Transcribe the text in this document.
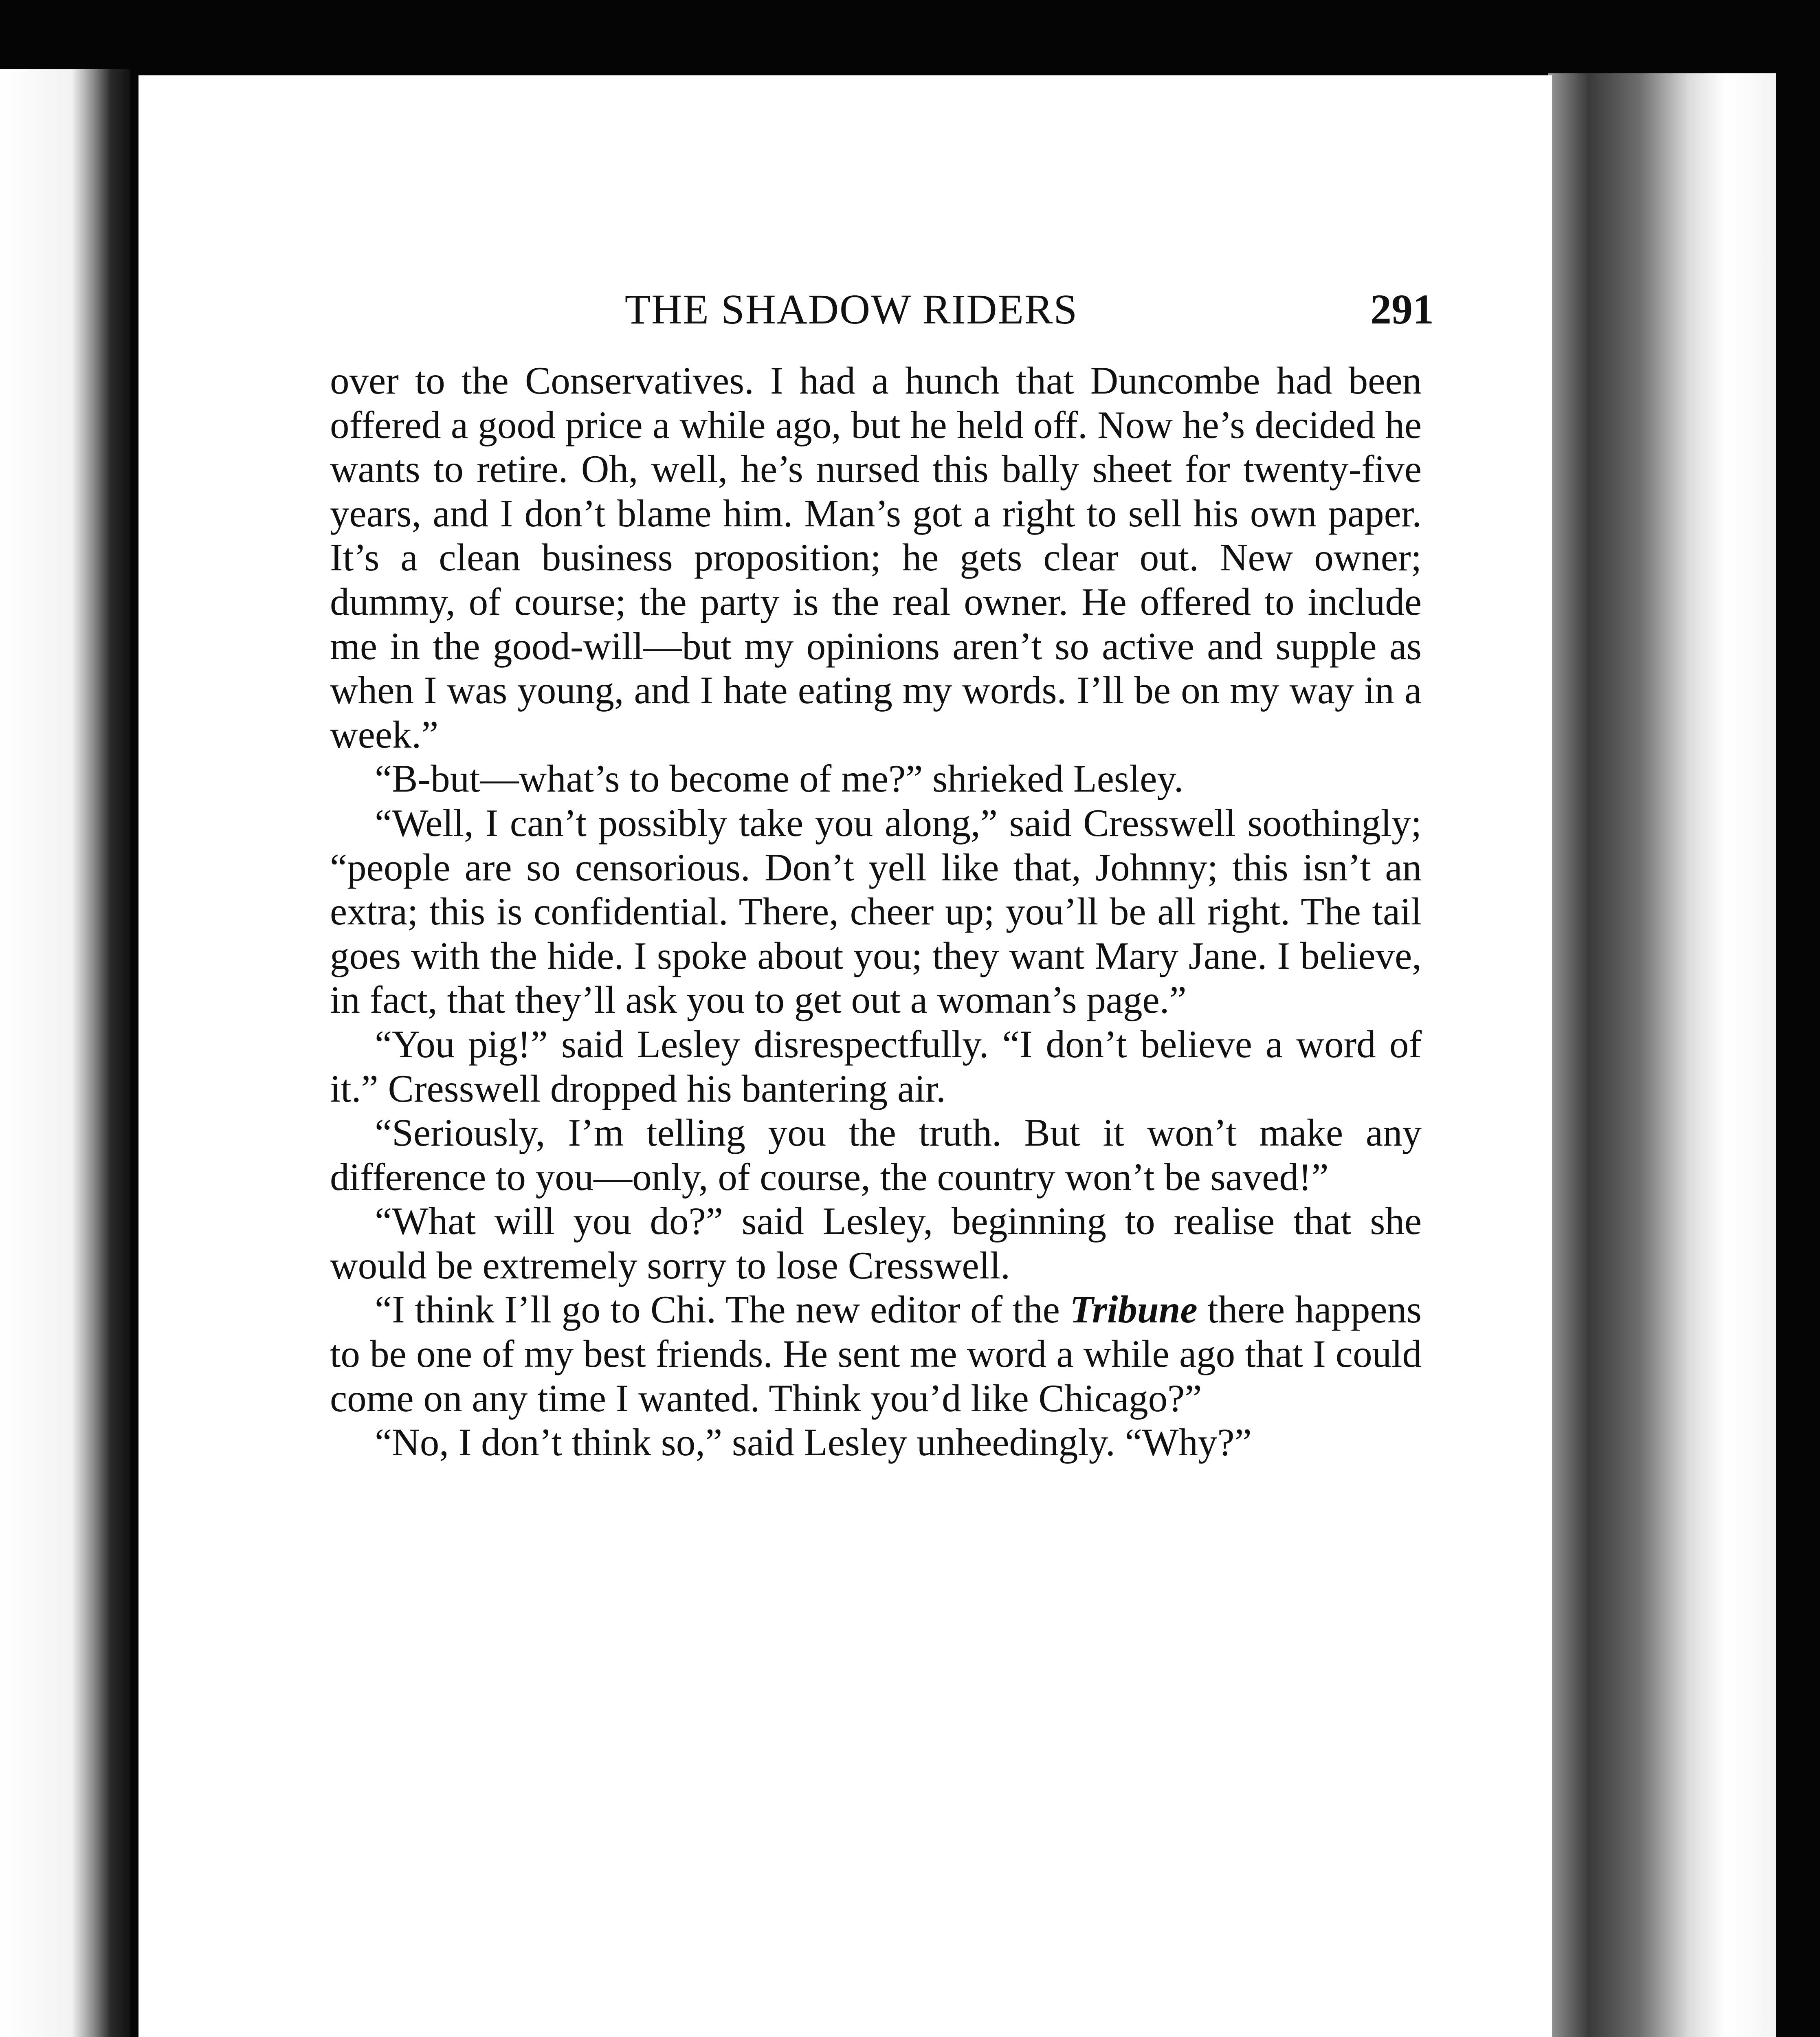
THE SHADOW RIDERS	291

over to the Conservatives. I had a hunch that Duncombe had been offered a good price a while ago, but he held off. Now he’s decided he wants to retire. Oh, well, he’s nursed this bally sheet for twenty-five years, and I don’t blame him. Man’s got a right to sell his own paper. It’s a clean business proposition; he gets clear out. New owner; dummy, of course; the party is the real owner. He offered to include me in the good-will—but my opinions aren’t so active and supple as when I was young, and I hate eating my words. I’ll be on my way in a week.”

“B-but—what’s to become of me?” shrieked Lesley.

“Well, I can’t possibly take you along,” said Cresswell soothingly; “people are so censorious. Don’t yell like that, Johnny; this isn’t an extra; this is confidential. There, cheer up; you’ll be all right. The tail goes with the hide. I spoke about you; they want Mary Jane. I believe, in fact, that they’ll ask you to get out a woman’s page.”

“You pig!” said Lesley disrespectfully. “I don’t believe a word of it.” Cresswell dropped his bantering air.

“Seriously, I’m telling you the truth. But it won’t make any difference to you—only, of course, the country won’t be saved!”

“What will you do?” said Lesley, beginning to realise that she would be extremely sorry to lose Cresswell.

“I think I’ll go to Chi. The new editor of the Tribune there happens to be one of my best friends. He sent me word a while ago that I could come on any time I wanted. Think you’d like Chicago?”

“No, I don’t think so,” said Lesley unheedingly. “Why?”
